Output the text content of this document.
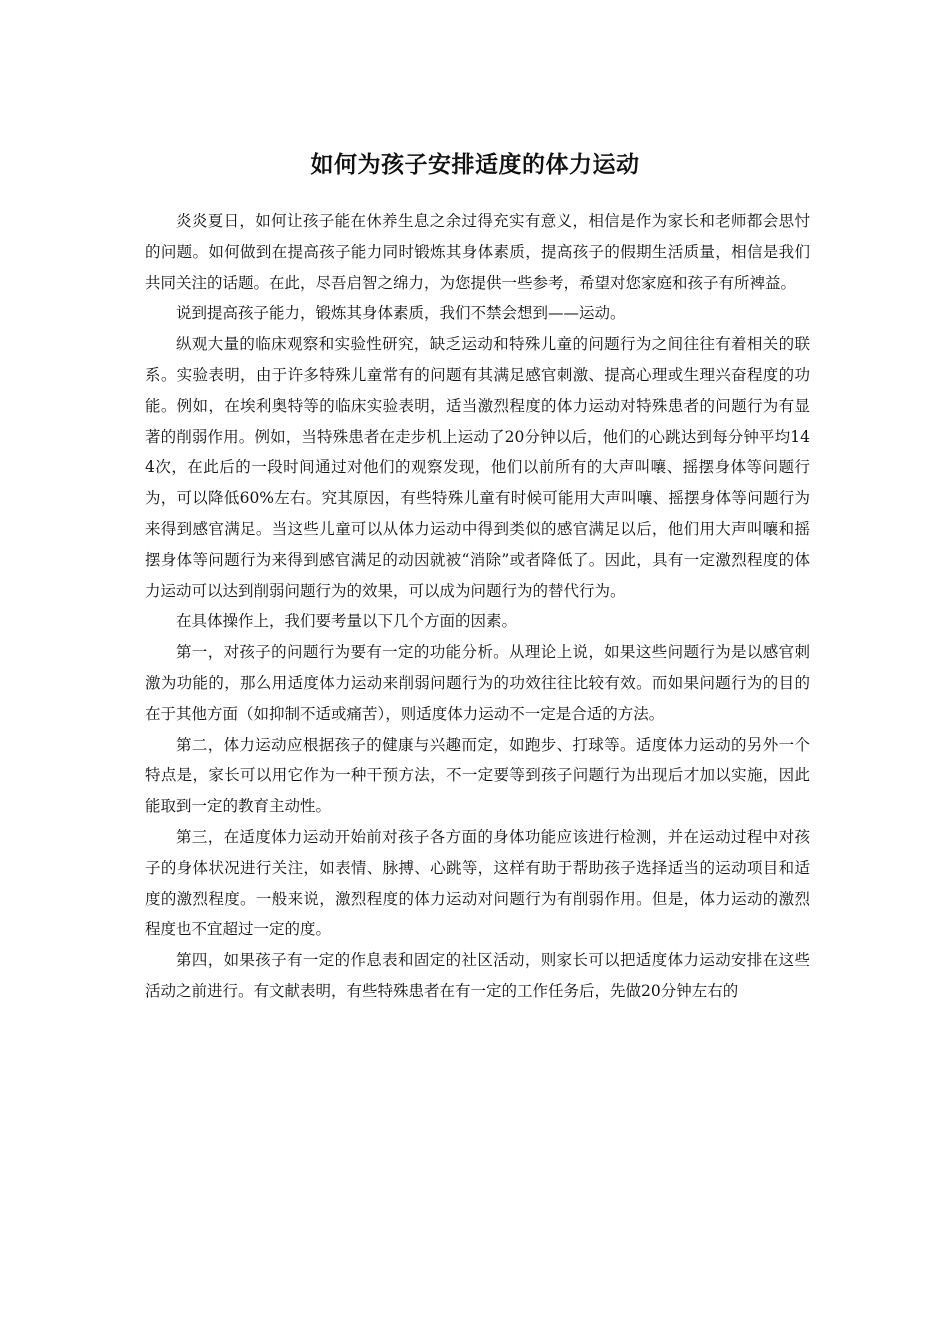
如何为孩子安排适度的体力运动

炎炎夏日，如何让孩子能在休养生息之余过得充实有意义，相信是作为家长和老师都会思忖的问题。如何做到在提高孩子能力同时锻炼其身体素质，提高孩子的假期生活质量，相信是我们共同关注的话题。在此，尽吾启智之绵力，为您提供一些参考，希望对您家庭和孩子有所裨益。

说到提高孩子能力，锻炼其身体素质，我们不禁会想到——运动。

纵观大量的临床观察和实验性研究，缺乏运动和特殊儿童的问题行为之间往往有着相关的联系。实验表明，由于许多特殊儿童常有的问题有其满足感官刺激、提高心理或生理兴奋程度的功能。例如，在埃利奥特等的临床实验表明，适当激烈程度的体力运动对特殊患者的问题行为有显著的削弱作用。例如，当特殊患者在走步机上运动了20分钟以后，他们的心跳达到每分钟平均144次，在此后的一段时间通过对他们的观察发现，他们以前所有的大声叫嚷、摇摆身体等问题行为，可以降低60%左右。究其原因，有些特殊儿童有时候可能用大声叫嚷、摇摆身体等问题行为来得到感官满足。当这些儿童可以从体力运动中得到类似的感官满足以后，他们用大声叫嚷和摇摆身体等问题行为来得到感官满足的动因就被“消除”或者降低了。因此，具有一定激烈程度的体力运动可以达到削弱问题行为的效果，可以成为问题行为的替代行为。

在具体操作上，我们要考量以下几个方面的因素。

第一，对孩子的问题行为要有一定的功能分析。从理论上说，如果这些问题行为是以感官刺激为功能的，那么用适度体力运动来削弱问题行为的功效往往比较有效。而如果问题行为的目的在于其他方面（如抑制不适或痛苦），则适度体力运动不一定是合适的方法。

第二，体力运动应根据孩子的健康与兴趣而定，如跑步、打球等。适度体力运动的另外一个特点是，家长可以用它作为一种干预方法，不一定要等到孩子问题行为出现后才加以实施，因此能取到一定的教育主动性。

第三，在适度体力运动开始前对孩子各方面的身体功能应该进行检测，并在运动过程中对孩子的身体状况进行关注，如表情、脉搏、心跳等，这样有助于帮助孩子选择适当的运动项目和适度的激烈程度。一般来说，激烈程度的体力运动对问题行为有削弱作用。但是，体力运动的激烈程度也不宜超过一定的度。

第四，如果孩子有一定的作息表和固定的社区活动，则家长可以把适度体力运动安排在这些活动之前进行。有文献表明，有些特殊患者在有一定的工作任务后，先做20分钟左右的
